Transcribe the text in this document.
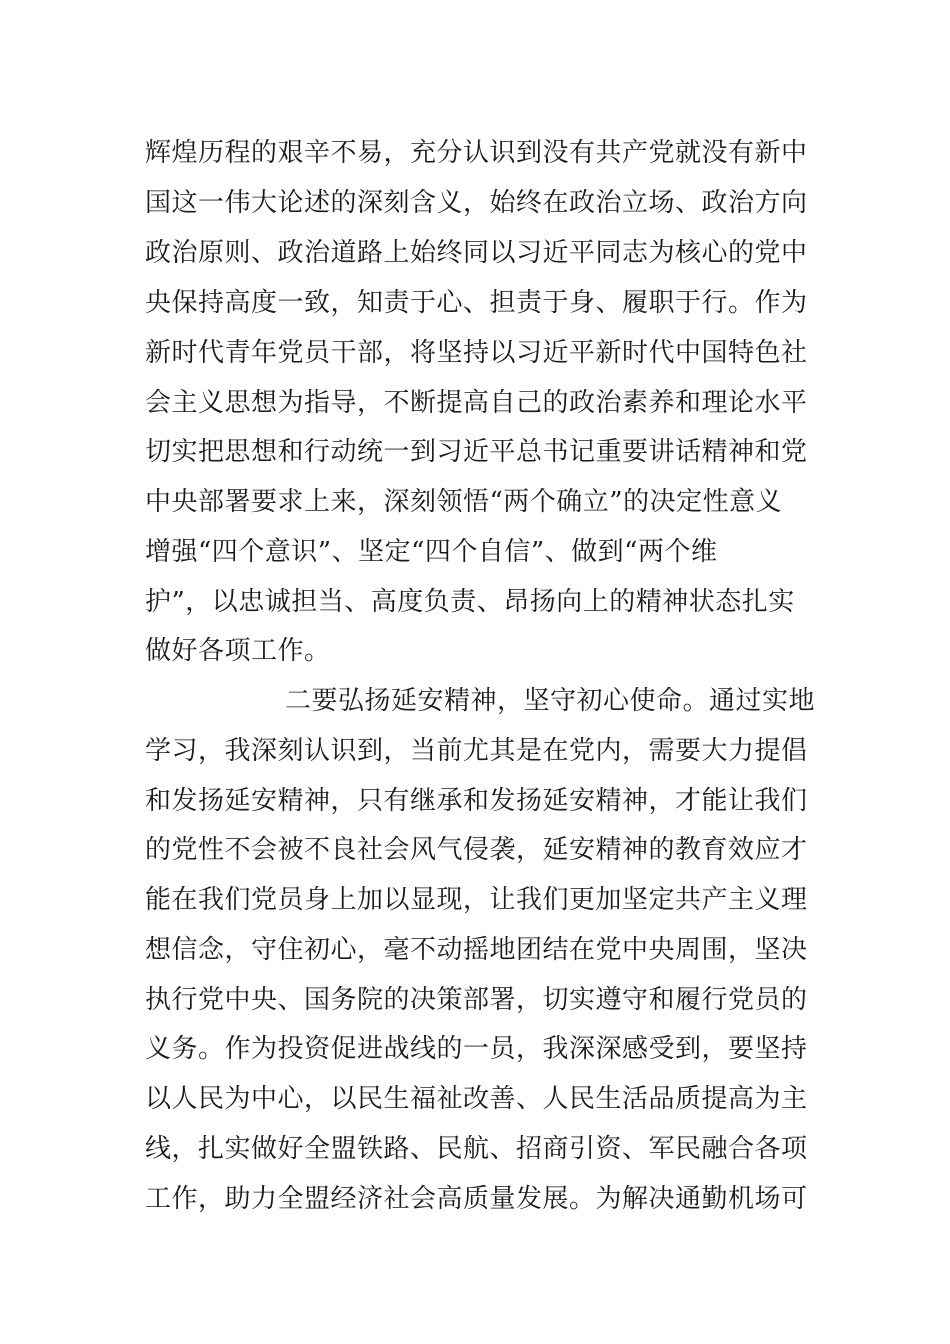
辉煌历程的艰辛不易，充分认识到没有共产党就没有新中
国这一伟大论述的深刻含义，始终在政治立场、政治方向
政治原则、政治道路上始终同以习近平同志为核心的党中
央保持高度一致，知责于心、担责于身、履职于行。作为
新时代青年党员干部，将坚持以习近平新时代中国特色社
会主义思想为指导，不断提高自己的政治素养和理论水平
切实把思想和行动统一到习近平总书记重要讲话精神和党
中央部署要求上来，深刻领悟“两个确立”的决定性意义
增强“四个意识”、坚定“四个自信”、做到“两个维
护”，以忠诚担当、高度负责、昂扬向上的精神状态扎实
做好各项工作。
二要弘扬延安精神，坚守初心使命。通过实地
学习，我深刻认识到，当前尤其是在党内，需要大力提倡
和发扬延安精神，只有继承和发扬延安精神，才能让我们
的党性不会被不良社会风气侵袭，延安精神的教育效应才
能在我们党员身上加以显现，让我们更加坚定共产主义理
想信念，守住初心，毫不动摇地团结在党中央周围，坚决
执行党中央、国务院的决策部署，切实遵守和履行党员的
义务。作为投资促进战线的一员，我深深感受到，要坚持
以人民为中心，以民生福祉改善、人民生活品质提高为主
线，扎实做好全盟铁路、民航、招商引资、军民融合各项
工作，助力全盟经济社会高质量发展。为解决通勤机场可
